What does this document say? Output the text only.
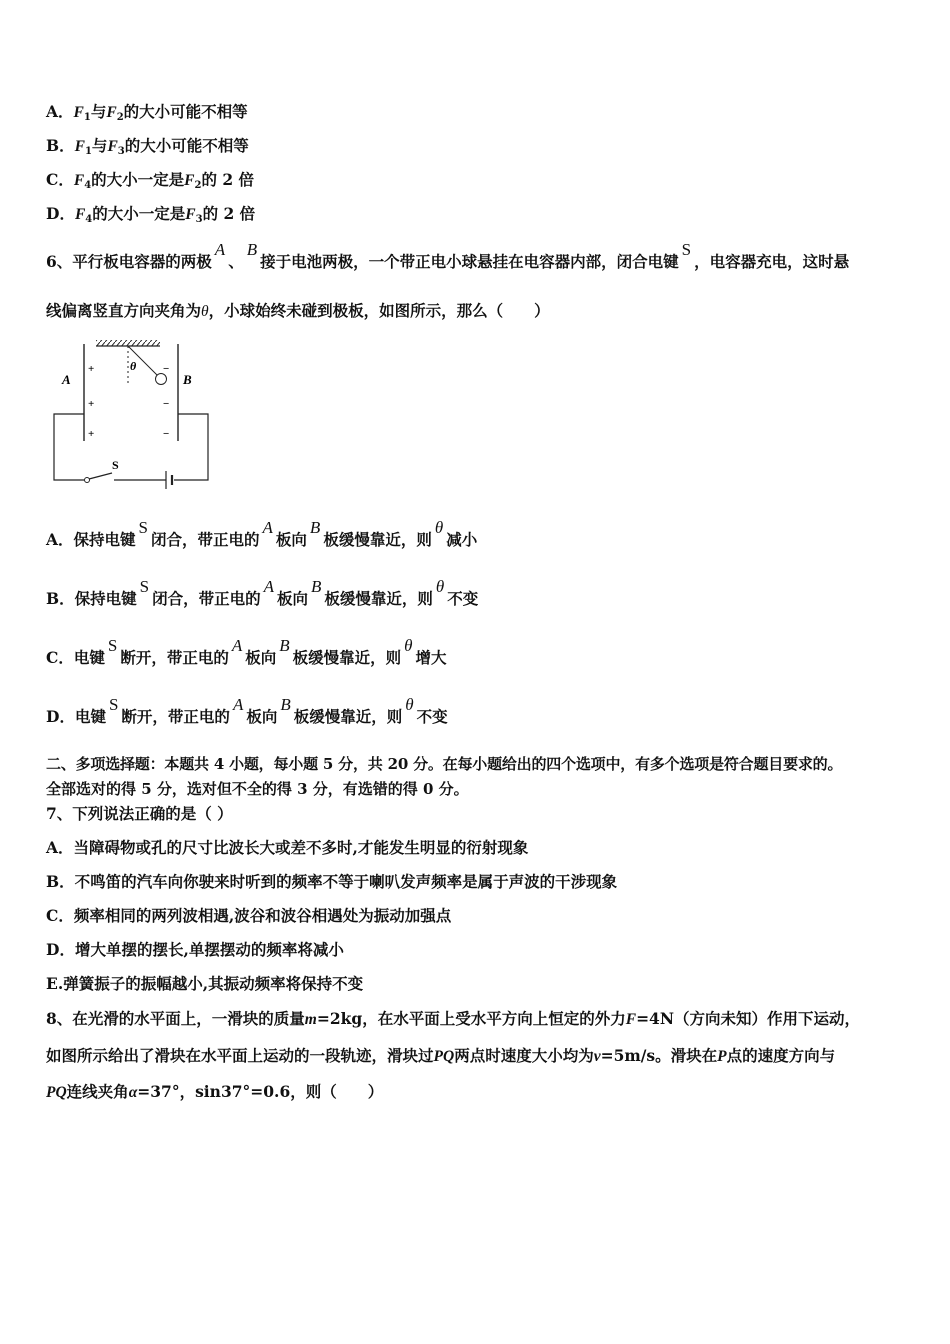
A．$F_1$与$F_2$的大小可能不相等
B．$F_1$与$F_3$的大小可能不相等
C．$F_4$的大小一定是$F_2$的 2 倍
D．$F_4$的大小一定是$F_3$的 2 倍
6、平行板电容器的两极A、B接于电池两极，一个带正电小球悬挂在电容器内部，闭合电键S，电容器充电，这时悬
线偏离竖直方向夹角为θ，小球始终未碰到极板，如图所示，那么（　　）
A	B
+
+
+
−
−
−
θ
S
A．保持电键S闭合，带正电的A板向B板缓慢靠近，则θ减小
B．保持电键S闭合，带正电的A板向B板缓慢靠近，则θ不变
C．电键S断开，带正电的A板向B板缓慢靠近，则θ增大
D．电键S断开，带正电的A板向B板缓慢靠近，则θ不变
二、多项选择题：本题共 4 小题，每小题 5 分，共 20 分。在每小题给出的四个选项中，有多个选项是符合题目要求的。
全部选对的得 5 分，选对但不全的得 3 分，有选错的得 0 分。
7、下列说法正确的是（ ）
A．当障碍物或孔的尺寸比波长大或差不多时,才能发生明显的衍射现象
B．不鸣笛的汽车向你驶来时听到的频率不等于喇叭发声频率是属于声波的干涉现象
C．频率相同的两列波相遇,波谷和波谷相遇处为振动加强点
D．增大单摆的摆长,单摆摆动的频率将减小
E.弹簧振子的振幅越小,其振动频率将保持不变
8、在光滑的水平面上，一滑块的质量m=2kg，在水平面上受水平方向上恒定的外力F=4N（方向未知）作用下运动，
如图所示给出了滑块在水平面上运动的一段轨迹，滑块过PQ两点时速度大小均为v=5m/s。滑块在P点的速度方向与
PQ连线夹角α=37°，sin37°=0.6，则（　　）
